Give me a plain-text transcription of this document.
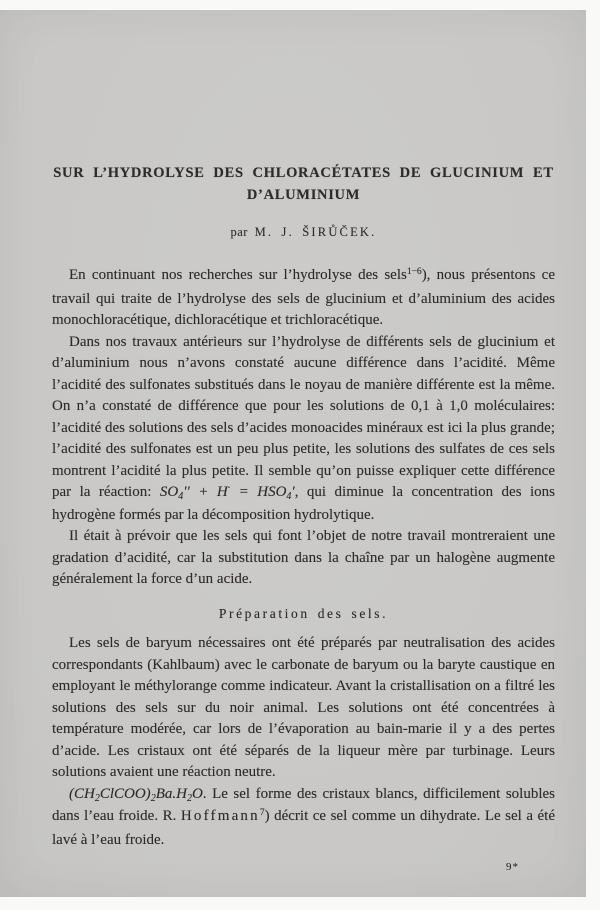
SUR L’HYDROLYSE DES CHLORACÉTATES DE GLUCINIUM ET
D’ALUMINIUM
par M. J. ŠIRŮČEK.
En continuant nos recherches sur l’hydrolyse des sels$^{1-6}$), nous présentons ce travail qui traite de l’hydrolyse des sels de glucinium et d’aluminium des acides monochloracétique, dichloracétique et trichloracétique.
Dans nos travaux antérieurs sur l’hydrolyse de différents sels de glucinium et d’aluminium nous n’avons constaté aucune différence dans l’acidité. Même l’acidité des sulfonates substitués dans le noyau de manière différente est la même. On n’a constaté de différence que pour les solutions de 0,1 à 1,0 moléculaires: l’acidité des solutions des sels d’acides monoacides minéraux est ici la plus grande; l’acidité des sulfonates est un peu plus petite, les solutions des sulfates de ces sels montrent l’acidité la plus petite. Il semble qu’on puisse expliquer cette différence par la réaction: $SO_4'' + H^\cdot = HSO_4'$, qui diminue la concentration des ions hydrogène formés par la décomposition hydrolytique.
Il était à prévoir que les sels qui font l’objet de notre travail montreraient une gradation d’acidité, car la substitution dans la chaîne par un halogène augmente généralement la force d’un acide.
Préparation des sels.
Les sels de baryum nécessaires ont été préparés par neutralisation des acides correspondants (Kahlbaum) avec le carbonate de baryum ou la baryte caustique en employant le méthylorange comme indicateur. Avant la cristallisation on a filtré les solutions des sels sur du noir animal. Les solutions ont été concentrées à température modérée, car lors de l’évaporation au bain-marie il y a des pertes d’acide. Les cristaux ont été séparés de la liqueur mère par turbinage. Leurs solutions avaient une réaction neutre.
$(CH_2ClCOO)_2Ba.H_2O$. Le sel forme des cristaux blancs, difficilement solubles dans l’eau froide. R. Hoffmann$^7$) décrit ce sel comme un dihydrate. Le sel a été lavé à l’eau froide.
9*
